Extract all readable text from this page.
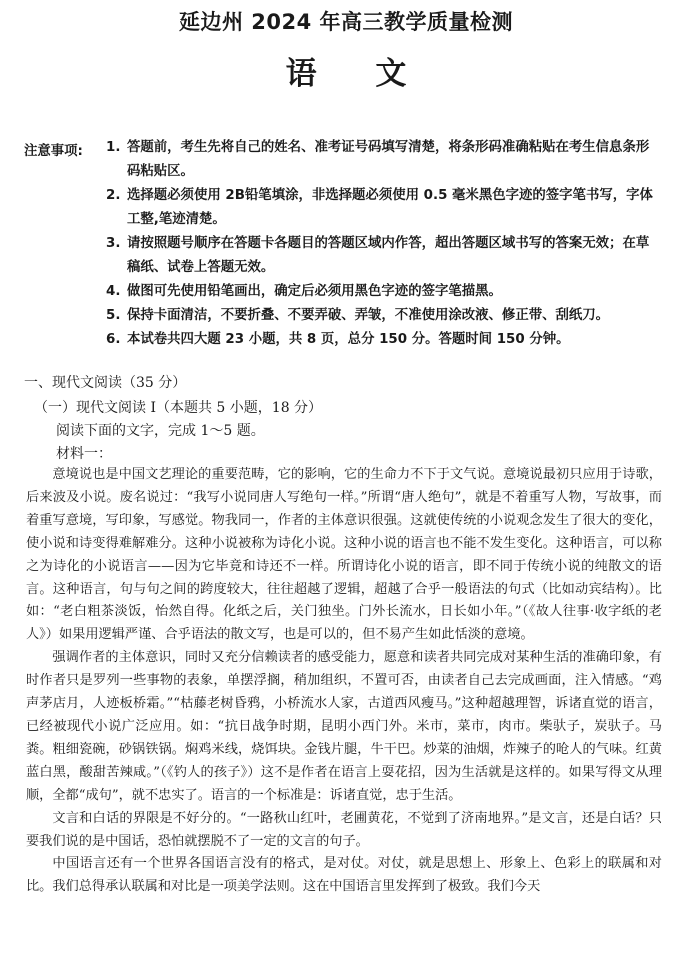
延边州 2024 年高三教学质量检测
语 文
注意事项: 1. 答题前，考生先将自己的姓名、准考证号码填写清楚，将条形码准确粘贴在考生信息条形码粘贴区。
2. 选择题必须使用 2B铅笔填涂，非选择题必须使用 0.5 毫米黑色字迹的签字笔书写，字体工整,笔迹清楚。
3. 请按照题号顺序在答题卡各题目的答题区域内作答，超出答题区域书写的答案无效；在草稿纸、试卷上答题无效。
4. 做图可先使用铅笔画出，确定后必须用黑色字迹的签字笔描黑。
5. 保持卡面清洁，不要折叠、不要弄破、弄皱，不准使用涂改液、修正带、刮纸刀。
6. 本试卷共四大题 23 小题，共 8 页，总分 150 分。答题时间 150 分钟。
一、现代文阅读（35 分）
（一）现代文阅读 I（本题共 5 小题，18 分）
阅读下面的文字，完成 1～5 题。
材料一：

意境说也是中国文艺理论的重要范畴，它的影响，它的生命力不下于文气说。意境说最初只应用于诗歌，后来波及小说。废名说过：“我写小说同唐人写绝句一样。”所谓“唐人绝句”，就是不着重写人物，写故事，而着重写意境，写印象，写感觉。物我同一，作者的主体意识很强。这就使传统的小说观念发生了很大的变化，使小说和诗变得难解难分。这种小说被称为诗化小说。这种小说的语言也不能不发生变化。这种语言，可以称之为诗化的小说语言——因为它毕竟和诗还不一样。所谓诗化小说的语言，即不同于传统小说的纯散文的语言。这种语言，句与句之间的跨度较大，往往超越了逻辑，超越了合乎一般语法的句式（比如动宾结构）。比如：“老白粗茶淡饭，怡然自得。化纸之后，关门独坐。门外长流水，日长如小年。”（《故人往事·收字纸的老人》）如果用逻辑严谨、合乎语法的散文写，也是可以的，但不易产生如此恬淡的意境。

强调作者的主体意识，同时又充分信赖读者的感受能力，愿意和读者共同完成对某种生活的准确印象，有时作者只是罗列一些事物的表象，单摆浮搁，稍加组织，不置可否，由读者自己去完成画面，注入情感。“鸡声茅店月，人迹板桥霜。”“枯藤老树昏鸦，小桥流水人家，古道西风瘦马。”这种超越理智，诉诸直觉的语言，已经被现代小说广泛应用。如：“抗日战争时期，昆明小西门外。米市，菜市，肉市。柴驮子，炭驮子。马粪。粗细瓷碗，砂锅铁锅。焖鸡米线，烧饵块。金钱片腿，牛干巴。炒菜的油烟，炸辣子的呛人的气味。红黄蓝白黑，酸甜苦辣咸。”（《钓人的孩子》）这不是作者在语言上耍花招，因为生活就是这样的。如果写得文从理顺，全都“成句”，就不忠实了。语言的一个标准是：诉诸直觉，忠于生活。

文言和白话的界限是不好分的。“一路秋山红叶，老圃黄花，不觉到了济南地界。”是文言，还是白话？只要我们说的是中国话，恐怕就摆脱不了一定的文言的句子。

中国语言还有一个世界各国语言没有的格式，是对仗。对仗，就是思想上、形象上、色彩上的联属和对比。我们总得承认联属和对比是一项美学法则。这在中国语言里发挥到了极致。我们今天
